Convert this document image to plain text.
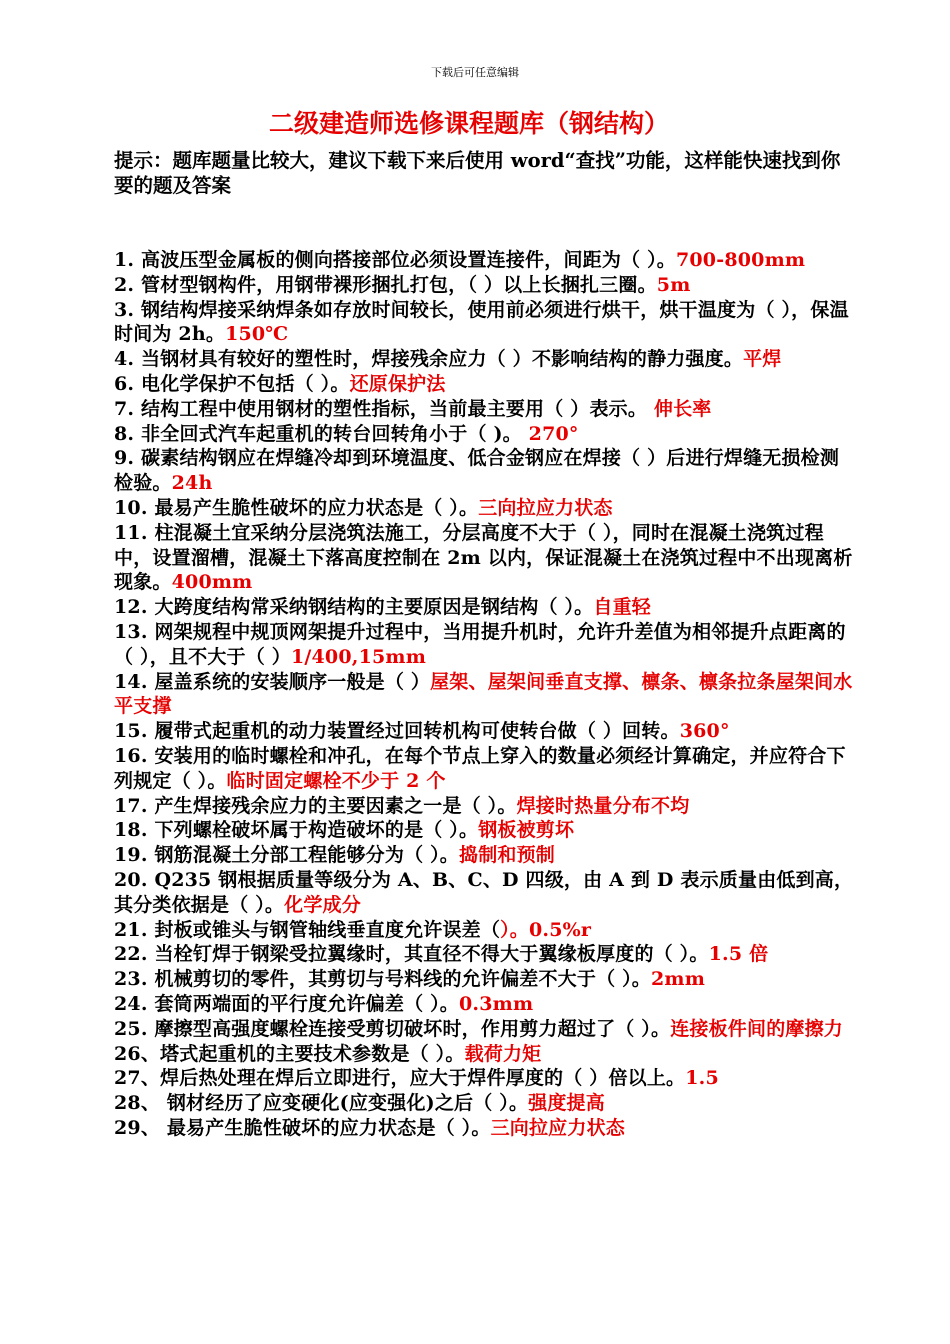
下载后可任意编辑
二级建造师选修课程题库（钢结构）
提示：题库题量比较大，建议下载下来后使用 word“查找”功能，这样能快速找到你要的题及答案
1. 高波压型金属板的侧向搭接部位必须设置连接件，间距为（ ）。700-800mm
2. 管材型钢构件，用钢带裸形捆扎打包，（ ）以上长捆扎三圈。5m
3. 钢结构焊接采纳焊条如存放时间较长，使用前必须进行烘干，烘干温度为（ ），保温时间为 2h。150℃
4. 当钢材具有较好的塑性时，焊接残余应力（ ）不影响结构的静力强度。平焊
6. 电化学保护不包括（ ）。还原保护法
7. 结构工程中使用钢材的塑性指标，当前最主要用（ ）表示。 伸长率
8. 非全回式汽车起重机的转台回转角小于（ )。 270°
9. 碳素结构钢应在焊缝冷却到环境温度、低合金钢应在焊接（ ）后进行焊缝无损检测检验。24h
10. 最易产生脆性破坏的应力状态是（ ）。三向拉应力状态
11. 柱混凝土宜采纳分层浇筑法施工，分层高度不大于（ ），同时在混凝土浇筑过程中，设置溜槽，混凝土下落高度控制在 2m 以内，保证混凝土在浇筑过程中不出现离析现象。400mm
12. 大跨度结构常采纳钢结构的主要原因是钢结构（ ）。自重轻
13. 网架规程中规顶网架提升过程中，当用提升机时，允许升差值为相邻提升点距离的（ ），且不大于（ ）1/400,15mm
14. 屋盖系统的安装顺序一般是（ ）屋架、屋架间垂直支撑、檩条、檩条拉条屋架间水平支撑
15. 履带式起重机的动力装置经过回转机构可使转台做（ ）回转。360°
16. 安装用的临时螺栓和冲孔，在每个节点上穿入的数量必须经计算确定，并应符合下列规定（ ）。临时固定螺栓不少于 2 个
17. 产生焊接残余应力的主要因素之一是（ ）。焊接时热量分布不均
18. 下列螺栓破坏属于构造破坏的是（ ）。钢板被剪坏
19. 钢筋混凝土分部工程能够分为（ ）。捣制和预制
20. Q235 钢根据质量等级分为 A、B、C、D 四级，由 A 到 D 表示质量由低到高，其分类依据是（ ）。化学成分
21. 封板或锥头与钢管轴线垂直度允许误差（）。0.5%r
22. 当栓钉焊于钢梁受拉翼缘时，其直径不得大于翼缘板厚度的（ ）。1.5 倍
23. 机械剪切的零件，其剪切与号料线的允许偏差不大于（ ）。2mm
24. 套筒两端面的平行度允许偏差（ ）。0.3mm
25. 摩擦型高强度螺栓连接受剪切破坏时，作用剪力超过了（ ）。连接板件间的摩擦力
26、塔式起重机的主要技术参数是（ ）。载荷力矩
27、焊后热处理在焊后立即进行，应大于焊件厚度的（ ）倍以上。1.5
28、 钢材经历了应变硬化(应变强化)之后（ ）。强度提高
29、 最易产生脆性破坏的应力状态是（ ）。三向拉应力状态
